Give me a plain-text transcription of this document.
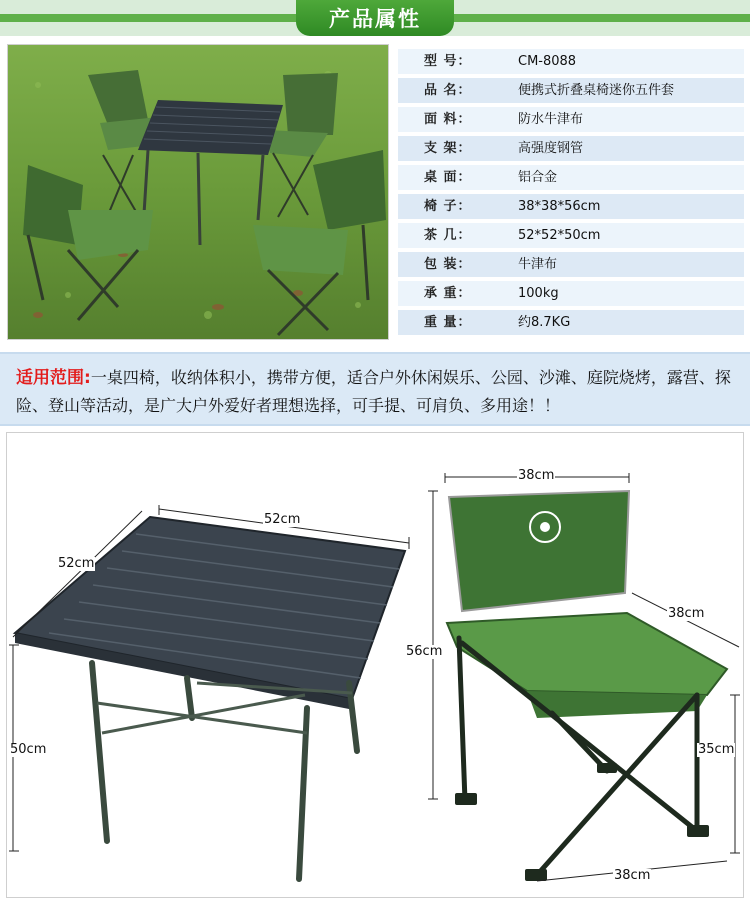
产品属性
型 号：	CM-8088
品 名：	便携式折叠桌椅迷你五件套
面 料：	防水牛津布
支 架：	高强度钢管
桌 面：	铝合金
椅 子：	38*38*56cm
茶 几：	52*52*50cm
包 装：	牛津布
承 重：	100kg
重 量：	约8.7KG

适用范围:一桌四椅，收纳体积小，携带方便，适合户外休闲娱乐、公园、沙滩、庭院烧烤，露营、探险、登山等活动，是广大户外爱好者理想选择，可手提、可肩负、多用途！！

52cm
52cm
50cm
38cm
38cm
56cm
35cm
38cm
